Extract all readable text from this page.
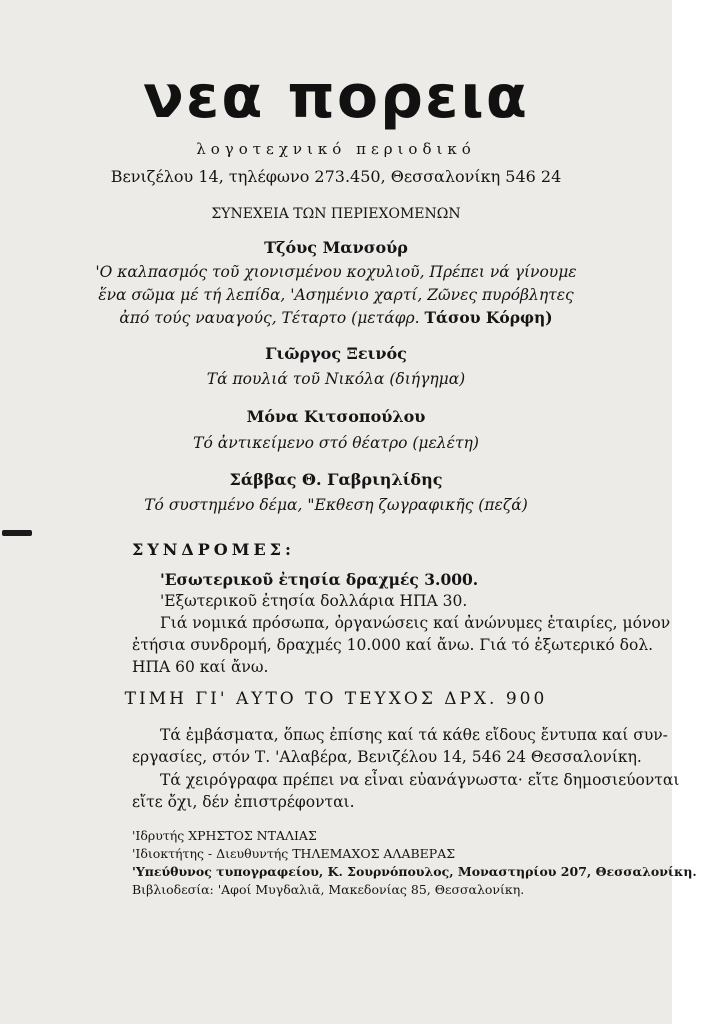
νεα πορεια
λογοτεχνικό περιοδικό
Βενιζέλου 14, τηλέφωνο 273.450, Θεσσαλονίκη 546 24
ΣΥΝΕΧΕΙΑ ΤΩΝ ΠΕΡΙΕΧΟΜΕΝΩΝ
Τζόυς Μανσούρ
'Ο καλπασμός τοῦ χιονισμένου κοχυλιοῦ, Πρέπει νά γίνουμε
ἕνα σῶμα μέ τή λεπίδα, 'Ασημένιο χαρτί, Ζῶνες πυρόβλητες
ἀπό τούς ναυαγούς, Τέταρτο (μετάφρ. Τάσου Κόρφη)
Γιῶργος Ξεινός
Τά πουλιά τοῦ Νικόλα (διήγημα)
Μόνα Κιτσοπούλου
Τό ἀντικείμενο στό θέατρο (μελέτη)
Σάββας Θ. Γαβριηλίδης
Τό συστημένο δέμα, "Εκθεση ζωγραφικῆς (πεζά)
ΣΥΝΔΡΟΜΕΣ:
'Εσωτερικοῦ ἐτησία δραχμές 3.000.
'Εξωτερικοῦ ἐτησία δολλάρια ΗΠΑ 30.
Γιά νομικά πρόσωπα, ὀργανώσεις καί ἀνώνυμες ἑταιρίες, μόνον
ἐτήσια συνδρομή, δραχμές 10.000 καί ἄνω. Γιά τό ἐξωτερικό δολ.
ΗΠΑ 60 καί ἄνω.
ΤΙΜΗ ΓΙ' ΑΥΤΟ ΤΟ ΤΕΥΧΟΣ ΔΡΧ. 900
Τά ἐμβάσματα, ὅπως ἐπίσης καί τά κάθε εἴδους ἔντυπα καί συν-
εργασίες, στόν Τ. 'Αλαβέρα, Βενιζέλου 14, 546 24 Θεσσαλονίκη.
Τά χειρόγραφα πρέπει να εἶναι εὐανάγνωστα· εἴτε δημοσιεύονται
εἴτε ὄχι, δέν ἐπιστρέφονται.
'Ιδρυτής ΧΡΗΣΤΟΣ ΝΤΑΛΙΑΣ
'Ιδιοκτήτης - Διευθυντής ΤΗΛΕΜΑΧΟΣ ΑΛΑΒΕΡΑΣ
'Υπεύθυνος τυπογραφείου, Κ. Σουρνόπουλος, Μοναστηρίου 207, Θεσσαλονίκη.
Βιβλιοδεσία: 'Αφοί Μυγδαλιᾶ, Μακεδονίας 85, Θεσσαλονίκη.
